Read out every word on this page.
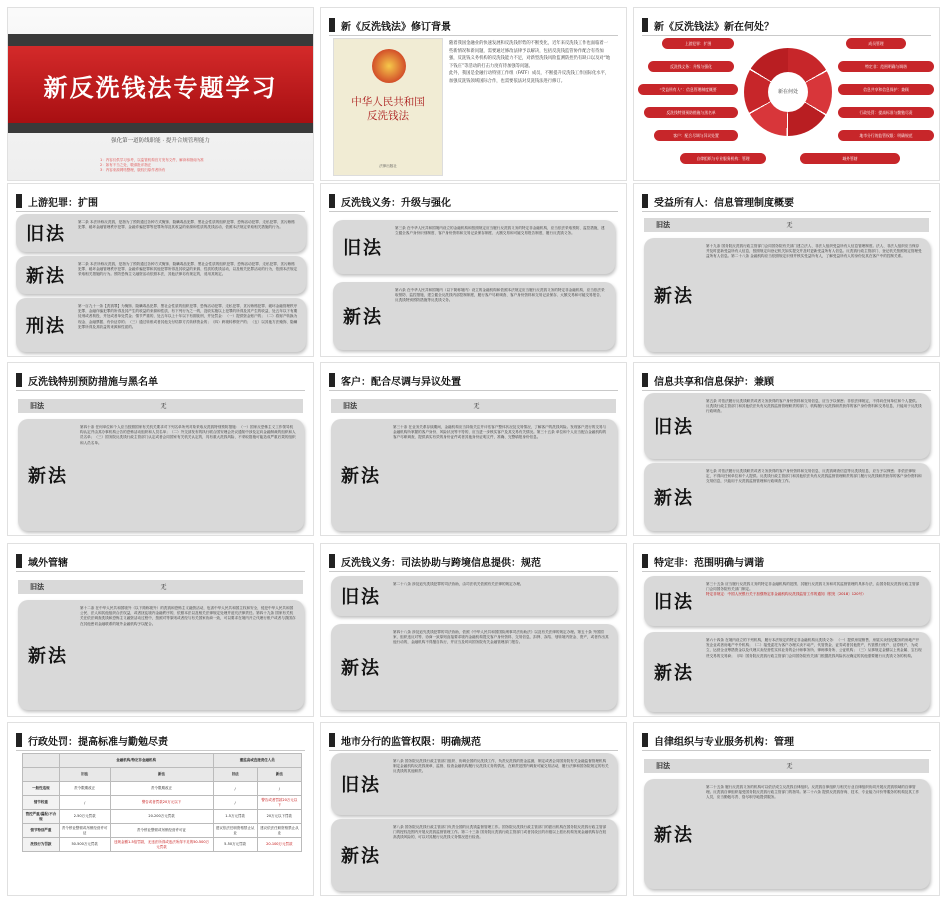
新反洗钱法专题学习
强化第一道防线职能 · 提升合规管理能力
1：内容仅供学习参考，以监管机构官方发布文件、解读和指南为准
2：如有不当之处，敬请批评指正
3：内容来源网络整理，版权归原作者所有
新《反洗钱法》修订背景
中华人民共和国
反洗钱法
法律出版社

随着我国金融业的快速发展和反洗钱形势的不断变化，近年来反洗钱工作也面临着一些新情况和新问题，需要通过修改法律予以解决，包括反洗钱监管协作配合有待加强，反洗钱义务机构的反洗钱能力不足，对新型洗钱风险监测防控仍有缺口以及对“地下钱庄”等活动的打击力度有待加强等问题。

此外，我国是金融行动特别工作组（FATF）成员，不断提升反洗钱工作国际化水平，加强反洗钱领域国际合作，也需要依法对反洗钱法进行修订。

新《反洗钱法》新在何处？
新在何处
上游犯罪：扩围
反洗钱义务：升级与强化
“受益所有人”：信息管理制度概要
反洗钱特别预防措施与黑名单
客户：配合尽调与异议处置
自律组织与专业服务机构：管理
成员管理
特定非：范围明确与调谐
信息共享和信息保护：兼顾
行政处罚：提高标准与勤勉尽责
地市分行的监管权限：明确规范
域外管辖
上游犯罪：扩围
旧法
第二条 本法所称反洗钱，是指为了预防通过各种方式掩饰、隐瞒毒品犯罪、黑社会性质的组织犯罪、恐怖活动犯罪、走私犯罪、贪污贿赂犯罪、破坏金融管理秩序犯罪、金融诈骗犯罪等犯罪所得及其收益的来源和性质的洗钱活动，依照本法规定采取相关措施的行为。
新法
第二条 本法所称反洗钱，是指为了预防通过各种方式掩饰、隐瞒毒品犯罪、黑社会性质的组织犯罪、恐怖活动犯罪、走私犯罪、贪污贿赂犯罪、破坏金融管理秩序犯罪、金融诈骗犯罪和其他犯罪所得及其收益的来源、性质的洗钱活动，以及相关犯罪活动的行为，依照本法规定采取相关措施的行为。预防恐怖主义融资活动依照本法，其他法律另有规定的，适用其规定。
刑法
第一百九十一条【洗钱罪】为掩饰、隐瞒毒品犯罪、黑社会性质的组织犯罪、恐怖活动犯罪、走私犯罪、贪污贿赂犯罪、破坏金融管理秩序犯罪、金融诈骗犯罪的所得及其产生的收益的来源和性质，有下列行为之一的，没收实施以上犯罪的所得及其产生的收益，处五年以下有期徒刑或者拘役，并处或者单处罚金；情节严重的，处五年以上十年以下有期徒刑，并处罚金：（一）提供资金账户的；（二）将财产转换为现金、金融票据、有价证券的；（三）通过转账或者其他支付结算方式转移资金的；（四）跨境转移资产的；（五）以其他方法掩饰、隐瞒犯罪所得及其收益的来源和性质的。
反洗钱义务：升级与强化
旧法
第三条 在中华人民共和国境内设立的金融机构和按照规定应当履行反洗钱义务的特定非金融机构，应当依法采取预防、监控措施，建立健全客户身份识别制度、客户身份资料和交易记录保存制度、大额交易和可疑交易报告制度，履行反洗钱义务。
新法
第六条 在中华人民共和国境内（以下简称境内）设立的金融机构和依照本法规定应当履行反洗钱义务的特定非金融机构，应当依法采取预防、监控措施，建立健全反洗钱内部控制制度，履行客户尽职调查、客户身份资料和交易记录保存、大额交易和可疑交易报告、反洗钱特别预防措施等反洗钱义务。
受益所有人：信息管理制度概要
旧法	无
新法
第十九条 国务院反洗钱行政主管部门会同国务院有关部门建立法人、非法人组织受益所有人信息管理制度。法人、非法人组织应当保存并及时更新受益所有人信息，按照规定向登记机关如实提交并及时更新受益所有人信息。反洗钱行政主管部门、登记机关按照规定管理受益所有人信息。第二十八条 金融机构应当依照规定识别并核实受益所有人，了解受益所有人的身份及其在客户中的控制关系。
反洗钱特别预防措施与黑名单
旧法	无
新法
第四十条 任何单位和个人应当按照国家有关机关要求对下列名单所列对象采取反洗钱特别预防措施：（一）国家反恐怖主义工作领导机构认定并由其办事机构公告的恐怖活动组织和人员名单；（二）外交部发布的执行联合国安理会决议通知中涉及定向金融制裁的组织和人员名单；（三）国务院反洗钱行政主管部门认定或者会同国家有关机关认定的，具有重大洗钱风险、不采取措施可能造成严重后果的组织和人员名单。
客户：配合尽调与异议处置
旧法	无
新法
第三十条 在业务关系存续期间，金融机构应当持续关注并评估客户整体状况及交易情况，了解客户的洗钱风险。发现客户进行的交易与金融机构所掌握的客户身份、风险状况等不符的，应当进一步核实客户及其交易有关情况。第三十五条 单位和个人应当配合金融机构的客户尽职调查，提供真实有效的身份证件或者其他身份证明文件，准确、完整填报身份信息。
信息共享和信息保护：兼顾
旧法
第五条 对依法履行反洗钱职责或者义务获得的客户身份资料和交易信息，应当予以保密；非依法律规定，不得向任何单位和个人提供。反洗钱行政主管部门和其他依法负有反洗钱监督管理职责的部门、机构履行反洗钱职责获得的客户身份资料和交易信息，只能用于反洗钱行政调查。
新法
第七条 对依法履行反洗钱职责或者义务获得的客户身份资料和交易信息、反洗钱调查信息等反洗钱信息，应当予以保密；非依法律规定，不得向任何单位和个人提供。反洗钱行政主管部门和其他依法负有反洗钱监督管理职责的部门履行反洗钱职责获得的客户身份资料和交易信息，只能用于反洗钱监督管理和行政调查工作。
域外管辖
旧法	无
新法
第十二条 在中华人民共和国境外（以下简称境外）的洗钱和恐怖主义融资活动，危害中华人民共和国主权和安全，侵犯中华人民共和国公民、法人和其他组织合法权益，或者扰乱境内金融秩序的，依照本法以及相关法律规定处理并追究法律责任。第四十九条 国家有关机关在依法调查洗钱和恐怖主义融资活动过程中，按照对等原则或者经与有关国家协商一致，可以要求在境内开立代理行账户或者与我国存在其他密切金融联系的境外金融机构予以配合。
反洗钱义务：司法协助与跨境信息提供：规范
旧法
第二十八条 涉及追究洗钱犯罪的司法协助，由司法机关依照有关法律的规定办理。
新法
第四十八条 涉及追究洗钱犯罪的司法协助，依照《中华人民共和国国际刑事司法协助法》以及有关法律的规定办理。第五十条 外国国家、组织违反对等、协商一致原则直接要求境内金融机构提交客户身份资料、交易信息，扣押、冻结、划转境内资金、资产，或者作出其他行动的，金融机构不得擅自执行，并应当及时向国务院有关金融管理部门报告。
特定非：范围明确与调谐
旧法
第三十五条 应当履行反洗钱义务的特定非金融机构的范围、其履行反洗钱义务和对其监督管理的具体办法，由国务院反洗钱行政主管部门会同国务院有关部门制定。
特定非规定：中国人民银行关于加强特定非金融机构反洗钱监管工作的通知（银发〔2018〕120号）
新法
第六十四条 在境内设立的下列机构，履行本法规定的特定非金融机构反洗钱义务：（一）提供房屋销售、房屋买卖经纪服务的房地产开发企业或者房地产中介机构；（二）接受委托为客户办理买卖不动产，代管资金、证券或者其他资产，代管银行账户、证券账户，为成立、运营企业筹措资金以及代理买卖经营性实体业务的会计师事务所、律师事务所、公证机构；（三）从事规定金额以上贵金属、宝石现货交易的交易商；（四）国务院反洗钱行政主管部门会同国务院有关部门根据洗钱风险状况确定的其他需要履行反洗钱义务的机构。
行政处罚：提高标准与勤勉尽责
	金融机构/特定非金融机构		董监高或直接责任人员	
	旧法	新法	旧法	新法
一般性违规	责令限期改正	责令限期改正	/	/
情节较重	/	警告或者罚款20万元以下	/	警告或者罚款20万元以下
管控严重/漏报/不合规	2-50万元罚款	20-200万元罚款	1-5万元罚款	20万元以下罚款
情节特别严重	责令停业整顿或吊销经营许可证	责令停业整顿或吊销经营许可证	建议依法任职资格禁止从业	建议依法任职资格禁止从业
洗钱行为罚款	50-500万元罚款	违规金额1-5倍罚款，无违法所得或违法所得不足的50-500万元罚款	5-50万元罚款	20-100万元罚款
地市分行的监管权限：明确规范
旧法
第八条 国务院反洗钱行政主管部门组织、协调全国的反洗钱工作，负责反洗钱的资金监测，制定或者会同国务院有关金融监督管理机构制定金融机构反洗钱规章，监督、检查金融机构履行反洗钱义务的情况，在职责范围内调查可疑交易活动，履行法律和国务院规定的有关反洗钱的其他职责。
新法
第八条 国务院反洗钱行政主管部门负责全国的反洗钱监督管理工作。国务院反洗钱行政主管部门的派出机构在国务院反洗钱行政主管部门的授权范围内开展反洗钱监督管理工作。第二十三条 国务院反洗钱行政主管部门或者其设区的市级以上派出机构发现金融机构存在较高洗钱风险的，可以对其履行反洗钱义务情况进行检查。
自律组织与专业服务机构：管理
旧法	无
新法
第二十五条 履行反洗钱义务的机构可以依法成立反洗钱自律组织。反洗钱自律组织与相关行业自律组织协同开展反洗钱领域的自律管理。反洗钱自律组织接受国务院反洗钱行政主管部门的指导。第二十六条 提供反洗钱咨询、技术、专业能力评价等服务的机构及其工作人员，应当勤勉尽责、恪尽职守地提供服务。
